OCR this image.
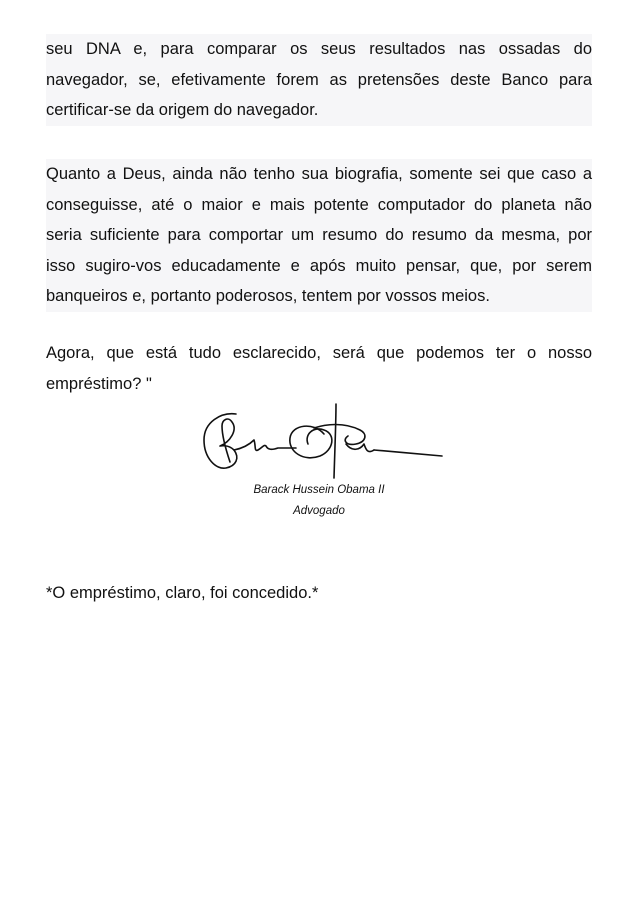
seu DNA e, para comparar os seus resultados nas ossadas do
navegador, se, efetivamente forem as pretensões deste Banco para
certificar-se da origem do navegador.
Quanto a Deus, ainda não tenho sua biografia, somente sei que caso a
conseguisse, até o maior e mais potente computador do planeta não
seria suficiente para comportar um resumo do resumo da mesma, por
isso sugiro-vos educadamente e após muito pensar, que, por serem
banqueiros e, portanto poderosos, tentem por vossos meios.
Agora, que está tudo esclarecido, será que podemos ter o nosso
empréstimo? "
Barack Hussein Obama II
Advogado
*O empréstimo, claro, foi concedido.*
